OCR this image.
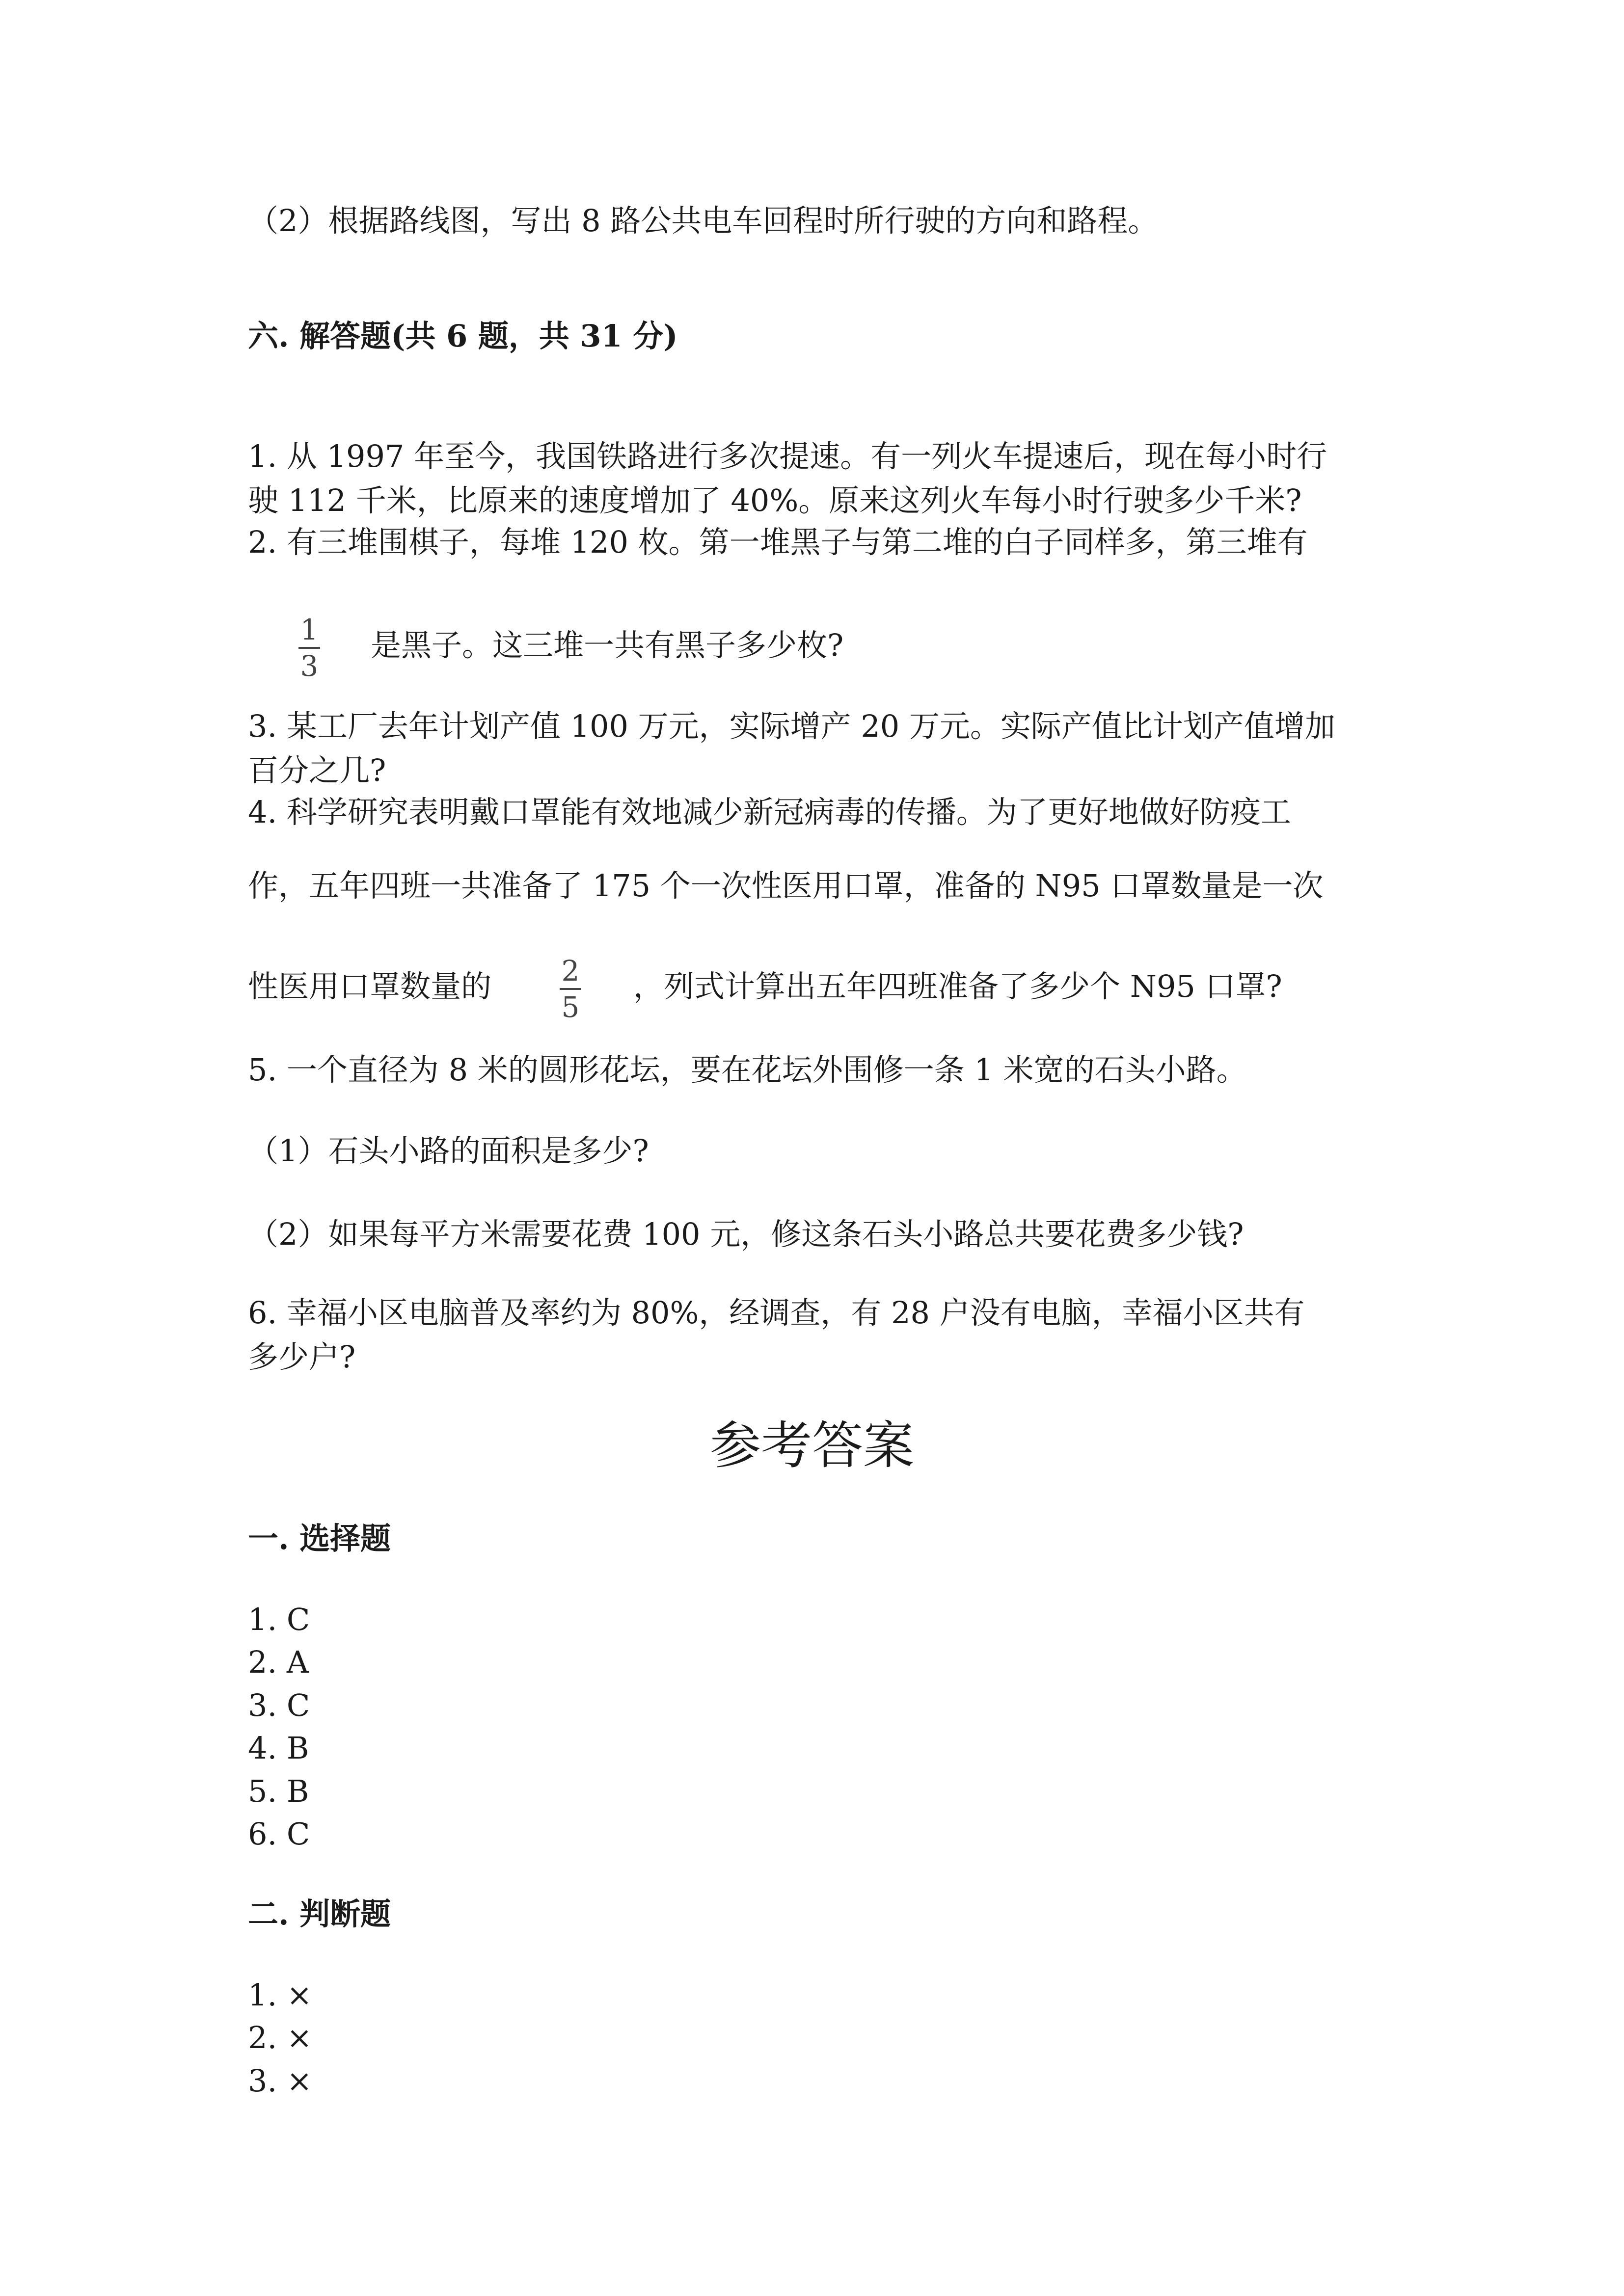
（2）根据路线图，写出 8 路公共电车回程时所行驶的方向和路程。

六. 解答题(共 6 题，共 31 分)

1. 从 1997 年至今，我国铁路进行多次提速。有一列火车提速后，现在每小时行

驶 112 千米，比原来的速度增加了 40%。原来这列火车每小时行驶多少千米?

2. 有三堆围棋子，每堆 120 枚。第一堆黑子与第二堆的白子同样多，第三堆有

1
3

是黑子。这三堆一共有黑子多少枚?

3. 某工厂去年计划产值 100 万元，实际增产 20 万元。实际产值比计划产值增加

百分之几?

4. 科学研究表明戴口罩能有效地减少新冠病毒的传播。为了更好地做好防疫工

作，五年四班一共准备了 175 个一次性医用口罩，准备的 N95 口罩数量是一次

性医用口罩数量的 2
5

，列式计算出五年四班准备了多少个 N95 口罩?

5. 一个直径为 8 米的圆形花坛，要在花坛外围修一条 1 米宽的石头小路。

（1）石头小路的面积是多少?

（2）如果每平方米需要花费 100 元，修这条石头小路总共要花费多少钱?

6. 幸福小区电脑普及率约为 80%，经调查，有 28 户没有电脑，幸福小区共有

多少户?

参考答案

一. 选择题

1. C

2. A

3. C

4. B

5. B

6. C

二. 判断题

1. ×

2. ×

3. ×
